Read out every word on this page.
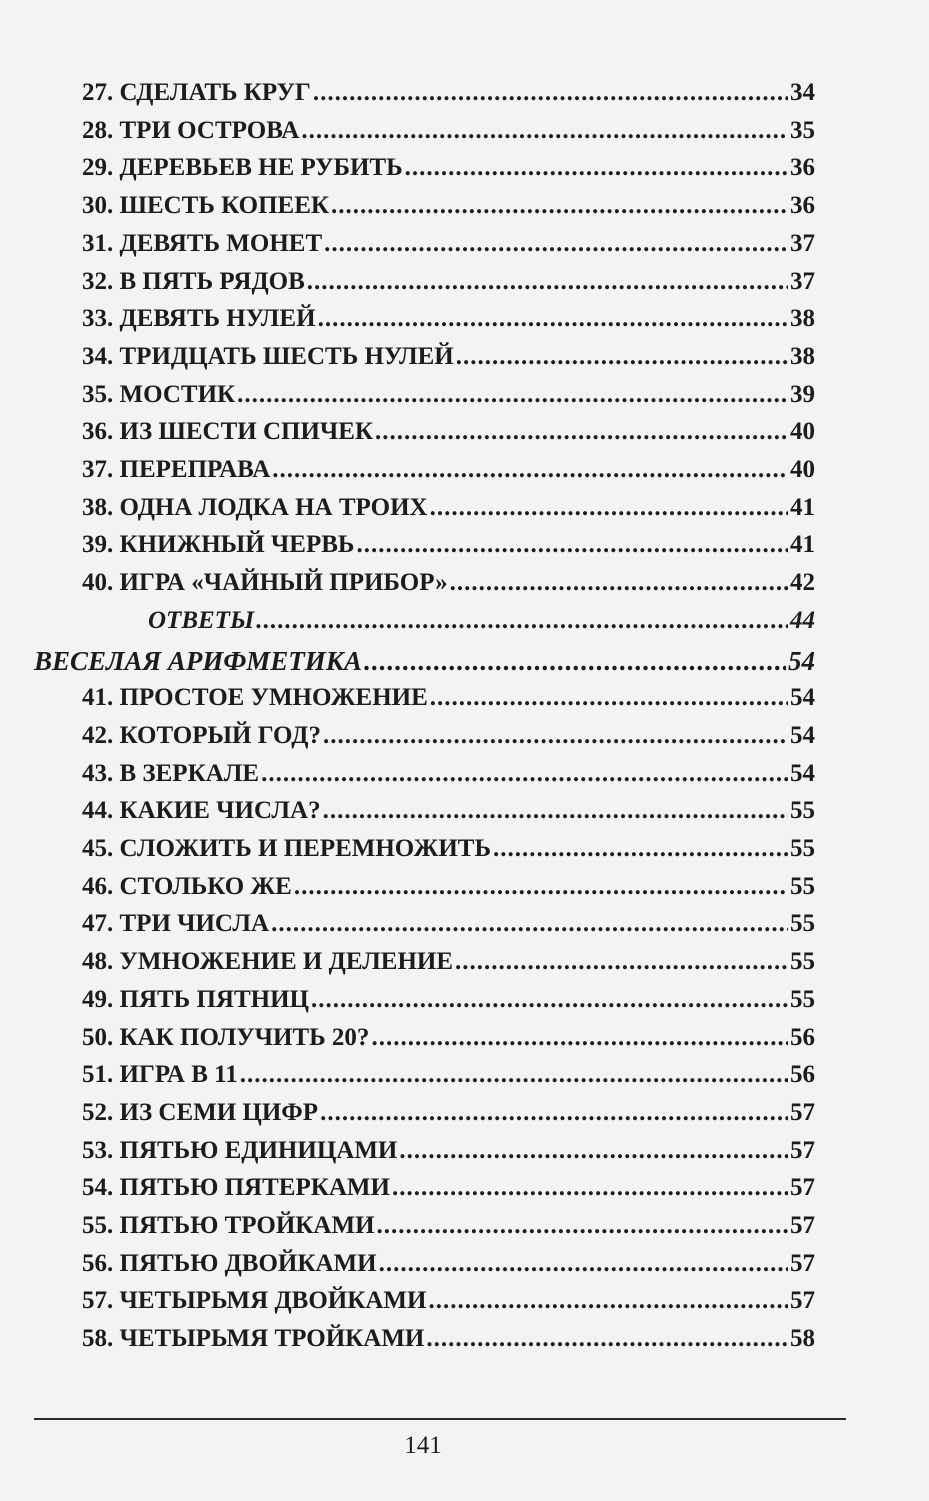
27. СДЕЛАТЬ КРУГ .....	34
28. ТРИ ОСТРОВА .....	35
29. ДЕРЕВЬЕВ НЕ РУБИТЬ .....	36
30. ШЕСТЬ КОПЕЕК .....	36
31. ДЕВЯТЬ МОНЕТ .....	37
32. В ПЯТЬ РЯДОВ .....	37
33. ДЕВЯТЬ НУЛЕЙ .....	38
34. ТРИДЦАТЬ ШЕСТЬ НУЛЕЙ .....	38
35. МОСТИК .....	39
36. ИЗ ШЕСТИ СПИЧЕК .....	40
37. ПЕРЕПРАВА .....	40
38. ОДНА ЛОДКА НА ТРОИХ .....	41
39. КНИЖНЫЙ ЧЕРВЬ .....	41
40. ИГРА «ЧАЙНЫЙ ПРИБОР» .....	42
ОТВЕТЫ .....	44
ВЕСЕЛАЯ АРИФМЕТИКА .....	54
41. ПРОСТОЕ УМНОЖЕНИЕ .....	54
42. КОТОРЫЙ ГОД? .....	54
43. В ЗЕРКАЛЕ .....	54
44. КАКИЕ ЧИСЛА? .....	55
45. СЛОЖИТЬ И ПЕРЕМНОЖИТЬ .....	55
46. СТОЛЬКО ЖЕ .....	55
47. ТРИ ЧИСЛА .....	55
48. УМНОЖЕНИЕ И ДЕЛЕНИЕ .....	55
49. ПЯТЬ ПЯТНИЦ .....	55
50. КАК ПОЛУЧИТЬ 20? .....	56
51. ИГРА В 11 .....	56
52. ИЗ СЕМИ ЦИФР .....	57
53. ПЯТЬЮ ЕДИНИЦАМИ .....	57
54. ПЯТЬЮ ПЯТЕРКАМИ .....	57
55. ПЯТЬЮ ТРОЙКАМИ .....	57
56. ПЯТЬЮ ДВОЙКАМИ .....	57
57. ЧЕТЫРЬМЯ ДВОЙКАМИ .....	57
58. ЧЕТЫРЬМЯ ТРОЙКАМИ .....	58
141
